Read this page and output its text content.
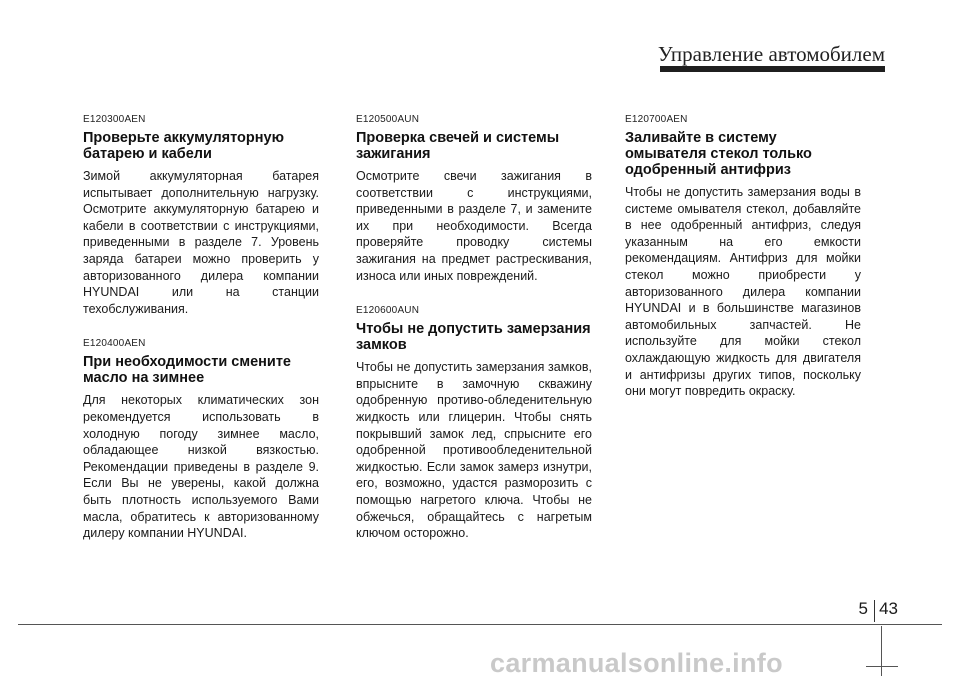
Управление автомобилем
E120300AEN
Проверьте аккумуляторную батарею и кабели
Зимой аккумуляторная батарея испытывает дополнительную нагрузку. Осмотрите аккумуляторную батарею и кабели в соответствии с инструкциями, приведенными в разделе 7. Уровень заряда батареи можно проверить у авторизованного дилера компании HYUNDAI или на станции техобслуживания.
E120400AEN
При необходимости смените масло на зимнее
Для некоторых климатических зон рекомендуется использовать в холодную погоду зимнее масло, обладающее низкой вязкостью. Рекомендации приведены в разделе 9. Если Вы не уверены, какой должна быть плотность используемого Вами масла, обратитесь к авторизованному дилеру компании HYUNDAI.
E120500AUN
Проверка свечей и системы зажигания
Осмотрите свечи зажигания в соответствии с инструкциями, приведенными в разделе 7, и замените их при необходимости. Всегда проверяйте проводку системы зажигания на предмет растрескивания, износа или иных повреждений.
E120600AUN
Чтобы не допустить замерзания замков
Чтобы не допустить замерзания замков, впрысните в замочную скважину одобренную противо-обледенительную жидкость или глицерин. Чтобы снять покрывший замок лед, спрысните его одобренной противообледенительной жидкостью. Если замок замерз изнутри, его, возможно, удастся разморозить с помощью нагретого ключа. Чтобы не обжечься, обращайтесь с нагретым ключом осторожно.
E120700AEN
Заливайте в систему омывателя стекол только одобренный антифриз
Чтобы не допустить замерзания воды в системе омывателя стекол, добавляйте в нее одобренный антифриз, следуя указанным на его емкости рекомендациям. Антифриз для мойки стекол можно приобрести у авторизованного дилера компании HYUNDAI и в большинстве магазинов автомобильных запчастей. Не используйте для мойки стекол охлаждающую жидкость для двигателя и антифризы других типов, поскольку они могут повредить окраску.
5 43
carmanualsonline.info
